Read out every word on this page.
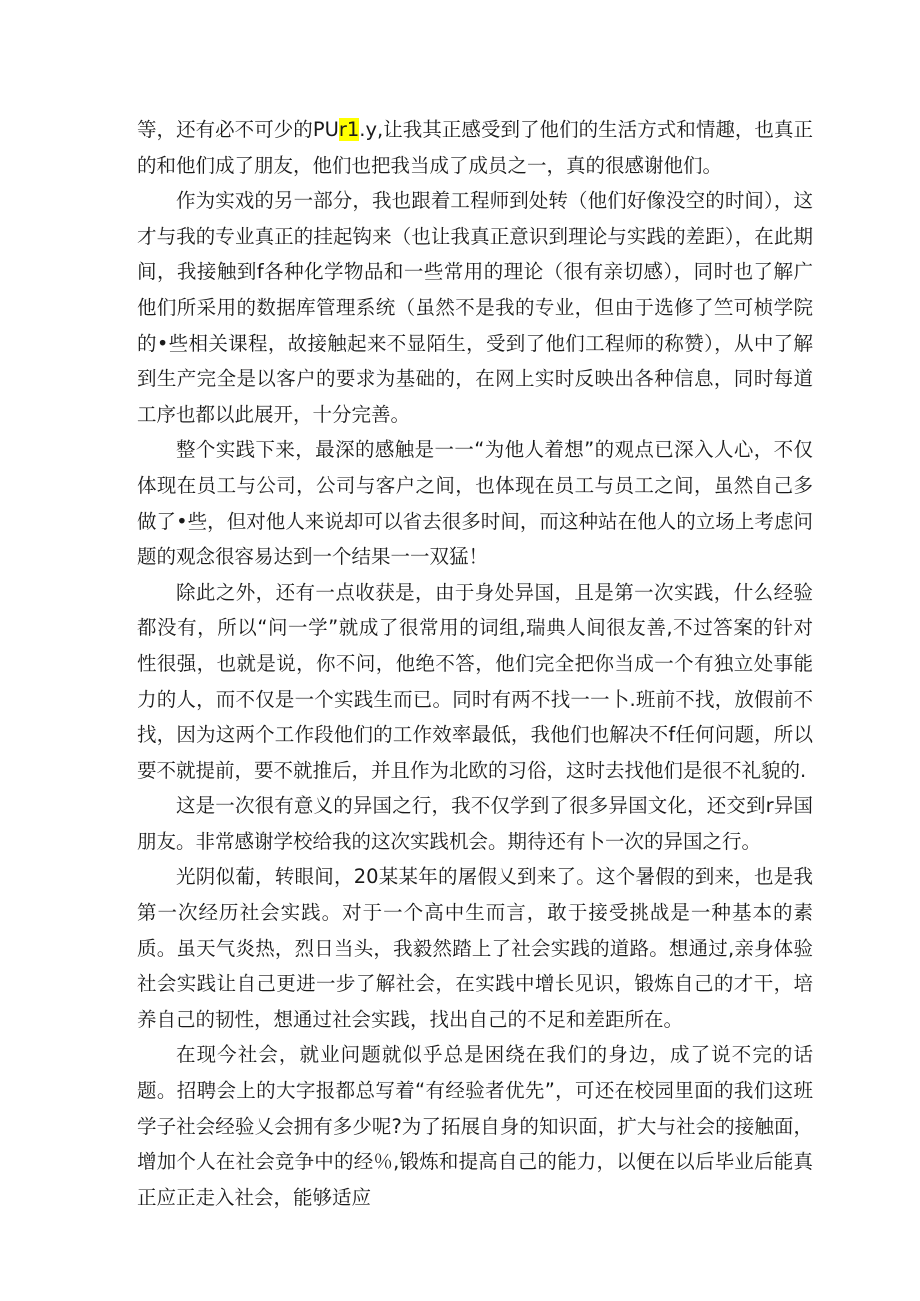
等，还有必不可少的PUr1.y,让我其正感受到了他们的生活方式和情趣，也真正的和他们成了朋友，他们也把我当成了成员之一，真的很感谢他们。

作为实戏的另一部分，我也跟着工程师到处转（他们好像没空的时间），这才与我的专业真正的挂起钩来（也让我真正意识到理论与实践的差距），在此期间，我接触到f各种化学物品和一些常用的理论（很有亲切感），同时也了解广他们所采用的数据库管理系统（虽然不是我的专业，但由于选修了竺可桢学院的•些相关课程，故接触起来不显陌生，受到了他们工程师的称赞），从中了解到生产完全是以客户的要求为基础的，在网上实时反映出各种信息，同时每道工序也都以此展开，十分完善。

整个实践下来，最深的感触是一一“为他人着想”的观点已深入人心，不仅体现在员工与公司，公司与客户之间，也体现在员工与员工之间，虽然自己多做了•些，但对他人来说却可以省去很多时间，而这种站在他人的立场上考虑问题的观念很容易达到一个结果一一双猛！

除此之外，还有一点收获是，由于身处异国，且是第一次实践，什么经验都没有，所以“问一学”就成了很常用的词组,瑞典人间很友善,不过答案的针对性很强，也就是说，你不问，他绝不答，他们完全把你当成一个有独立处事能力的人，而不仅是一个实践生而已。同时有两不找一一卜.班前不找，放假前不找，因为这两个工作段他们的工作效率最低，我他们也解决不f任何问题，所以要不就提前，要不就推后，并且作为北欧的习俗，这时去找他们是很不礼貌的.

这是一次很有意义的异国之行，我不仅学到了很多异国文化，还交到r异国朋友。非常感谢学校给我的这次实践机会。期待还有卜一次的异国之行。

光阴似葡，转眼间，20某某年的屠假乂到来了。这个暑假的到来，也是我第一次经历社会实践。对于一个高中生而言，敢于接受挑战是一种基本的素质。虽天气炎热，烈日当头，我毅然踏上了社会实践的道路。想通过,亲身体验社会实践让自己更进一步了解社会，在实践中增长见识，锻炼自己的才干，培养自己的韧性，想通过社会实践，找出自己的不足和差距所在。

在现今社会，就业问题就似乎总是困绕在我们的身边，成了说不完的话题。招聘会上的大字报都总写着“有经验者优先”，可还在校园里面的我们这班学子社会经验乂会拥有多少呢?为了拓展自身的知识面，扩大与社会的接触面，增加个人在社会竞争中的经％,锻炼和提高自己的能力，以便在以后毕业后能真正应正走入社会，能够适应
